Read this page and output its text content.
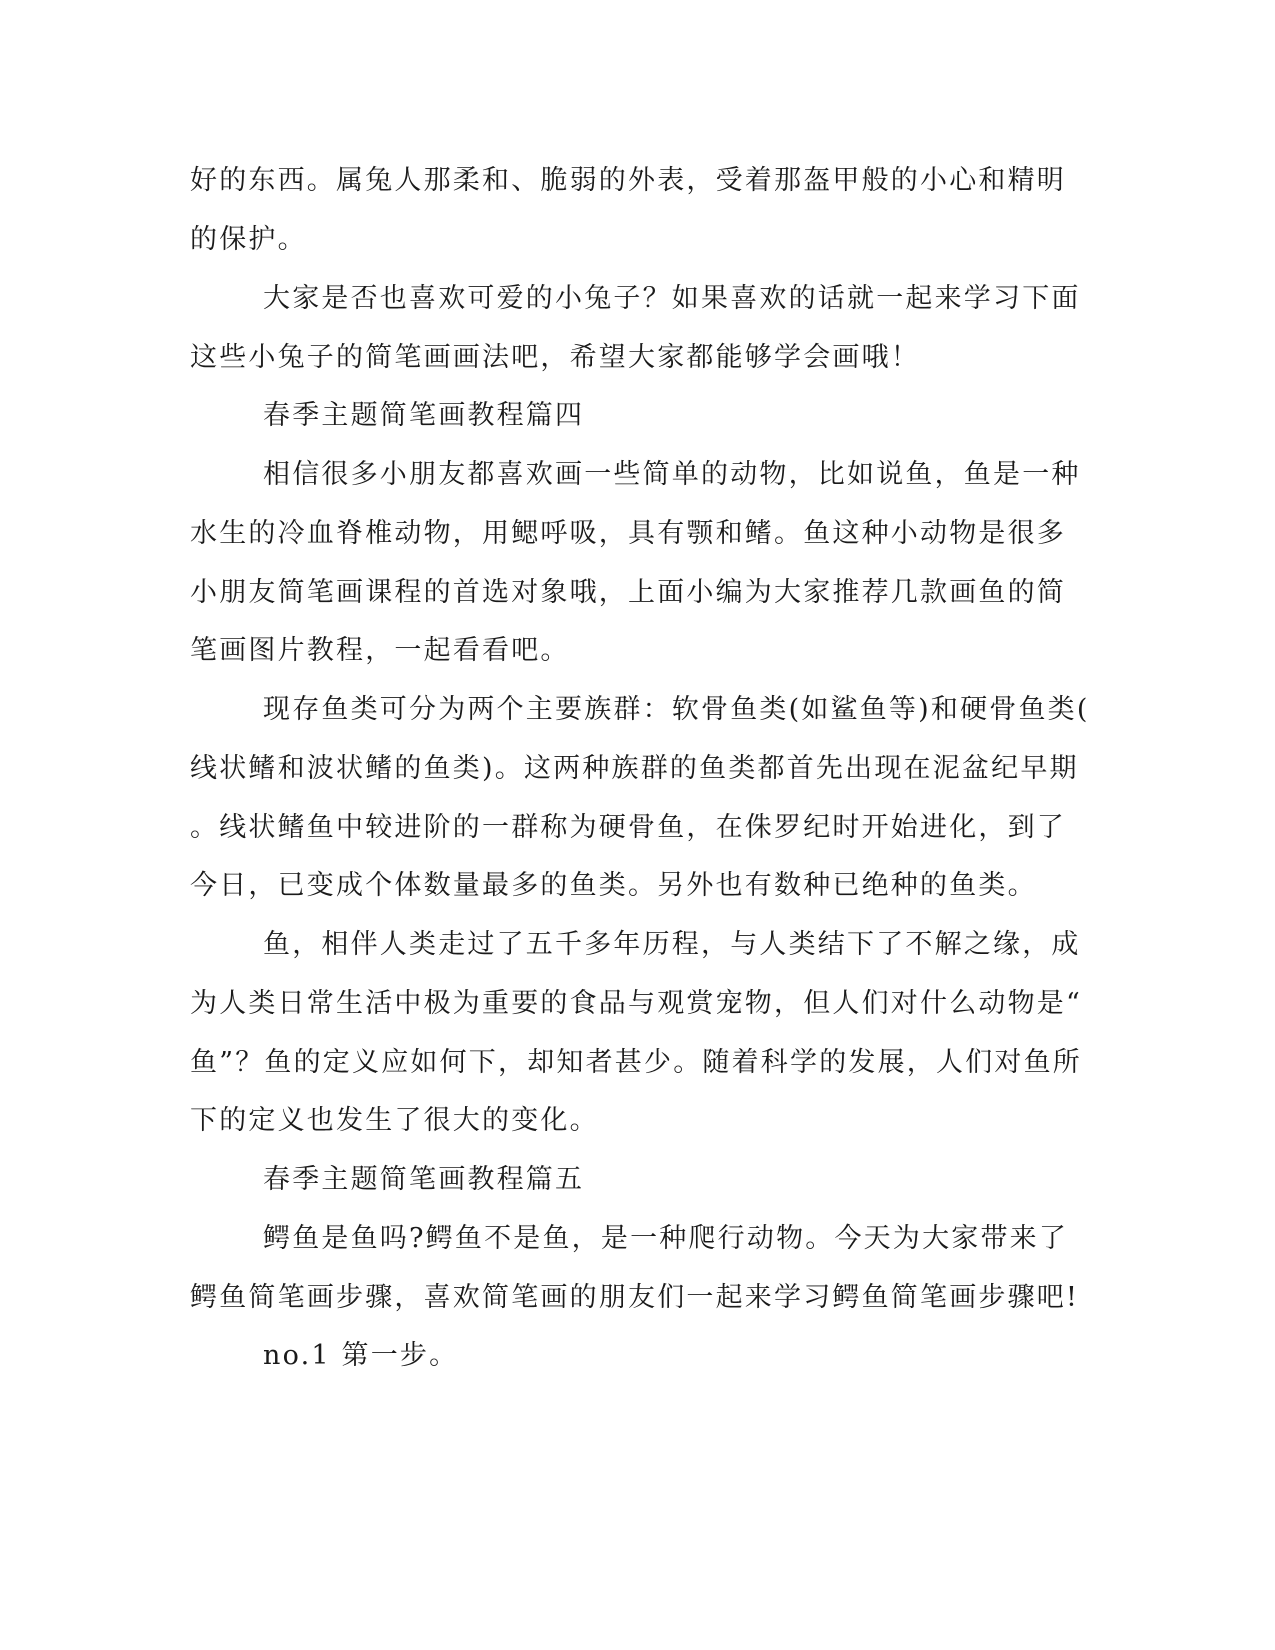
好的东西。属兔人那柔和、脆弱的外表，受着那盔甲般的小心和精明
的保护。
大家是否也喜欢可爱的小兔子？如果喜欢的话就一起来学习下面
这些小兔子的简笔画画法吧，希望大家都能够学会画哦！
春季主题简笔画教程篇四
相信很多小朋友都喜欢画一些简单的动物，比如说鱼，鱼是一种
水生的冷血脊椎动物，用鳃呼吸，具有颚和鳍。鱼这种小动物是很多
小朋友简笔画课程的首选对象哦，上面小编为大家推荐几款画鱼的简
笔画图片教程，一起看看吧。
现存鱼类可分为两个主要族群：软骨鱼类(如鲨鱼等)和硬骨鱼类(
线状鳍和波状鳍的鱼类)。这两种族群的鱼类都首先出现在泥盆纪早期
。线状鳍鱼中较进阶的一群称为硬骨鱼，在侏罗纪时开始进化，到了
今日，已变成个体数量最多的鱼类。另外也有数种已绝种的鱼类。
鱼，相伴人类走过了五千多年历程，与人类结下了不解之缘，成
为人类日常生活中极为重要的食品与观赏宠物，但人们对什么动物是“
鱼”？鱼的定义应如何下，却知者甚少。随着科学的发展，人们对鱼所
下的定义也发生了很大的变化。
春季主题简笔画教程篇五
鳄鱼是鱼吗?鳄鱼不是鱼，是一种爬行动物。今天为大家带来了
鳄鱼简笔画步骤，喜欢简笔画的朋友们一起来学习鳄鱼简笔画步骤吧!
no.1 第一步。
